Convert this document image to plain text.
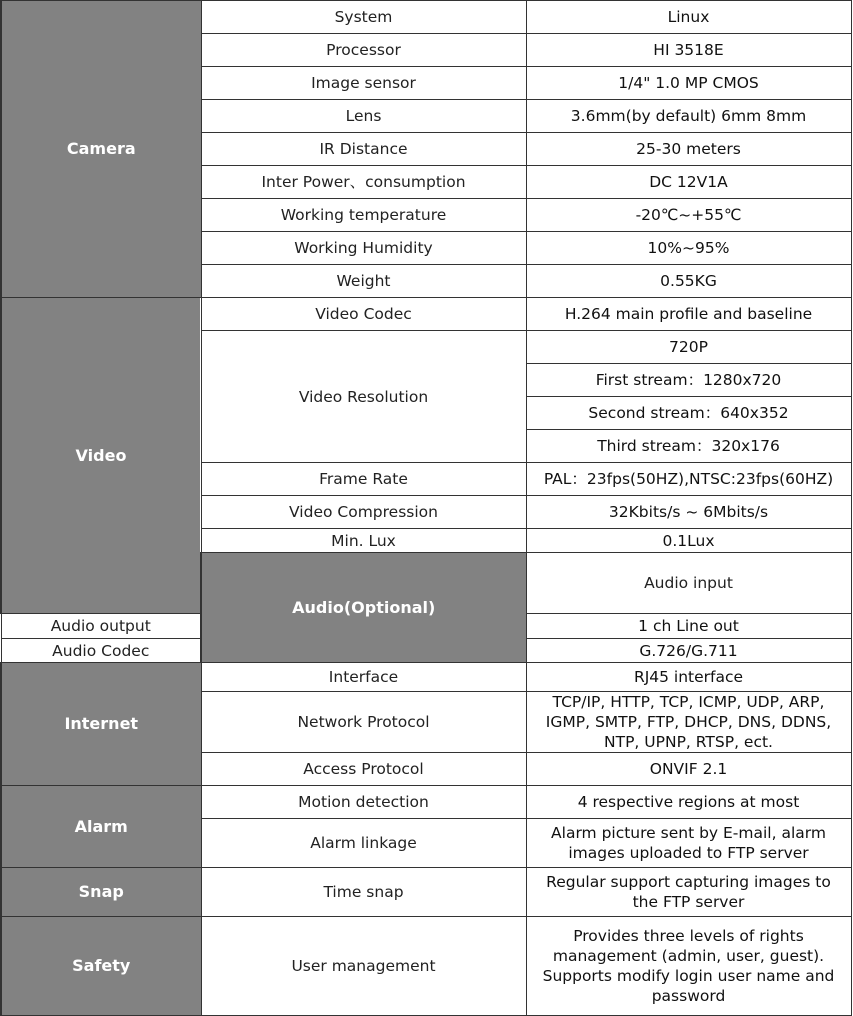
Camera	System	Linux	
	Processor	HI 3518E	
	Image sensor	1/4" 1.0 MP CMOS	
	Lens	3.6mm(by default) 6mm 8mm	
	IR Distance	25-30 meters	
	Inter Power、consumption	DC 12V1A	
	Working temperature	-20℃~+55℃	
	Working Humidity	10%~95%	
	Weight	0.55KG	
Video	Video Codec	H.264 main profile and baseline	
	Video Resolution	720P	
		First stream：1280x720	
		Second stream：640x352	
		Third stream：320x176	
	Frame Rate	PAL：23fps(50HZ),NTSC:23fps(60HZ)	
	Video Compression	32Kbits/s ~ 6Mbits/s	
	Min. Lux	0.1Lux	
	Audio(Optional)	Audio input	
Audio output		1 ch Line out	
Audio Codec		G.726/G.711	
Internet	Interface	RJ45 interface	
	Network Protocol	TCP/IP, HTTP, TCP, ICMP, UDP, ARP, IGMP, SMTP, FTP, DHCP, DNS, DDNS, NTP, UPNP, RTSP, ect.	
	Access Protocol	ONVIF 2.1	
Alarm	Motion detection	4 respective regions at most	
	Alarm linkage	Alarm picture sent by E-mail, alarm images uploaded to FTP server	
Snap	Time snap	Regular support capturing images to the FTP server	
Safety	User management	Provides three levels of rights management (admin, user, guest). Supports modify login user name and password	
